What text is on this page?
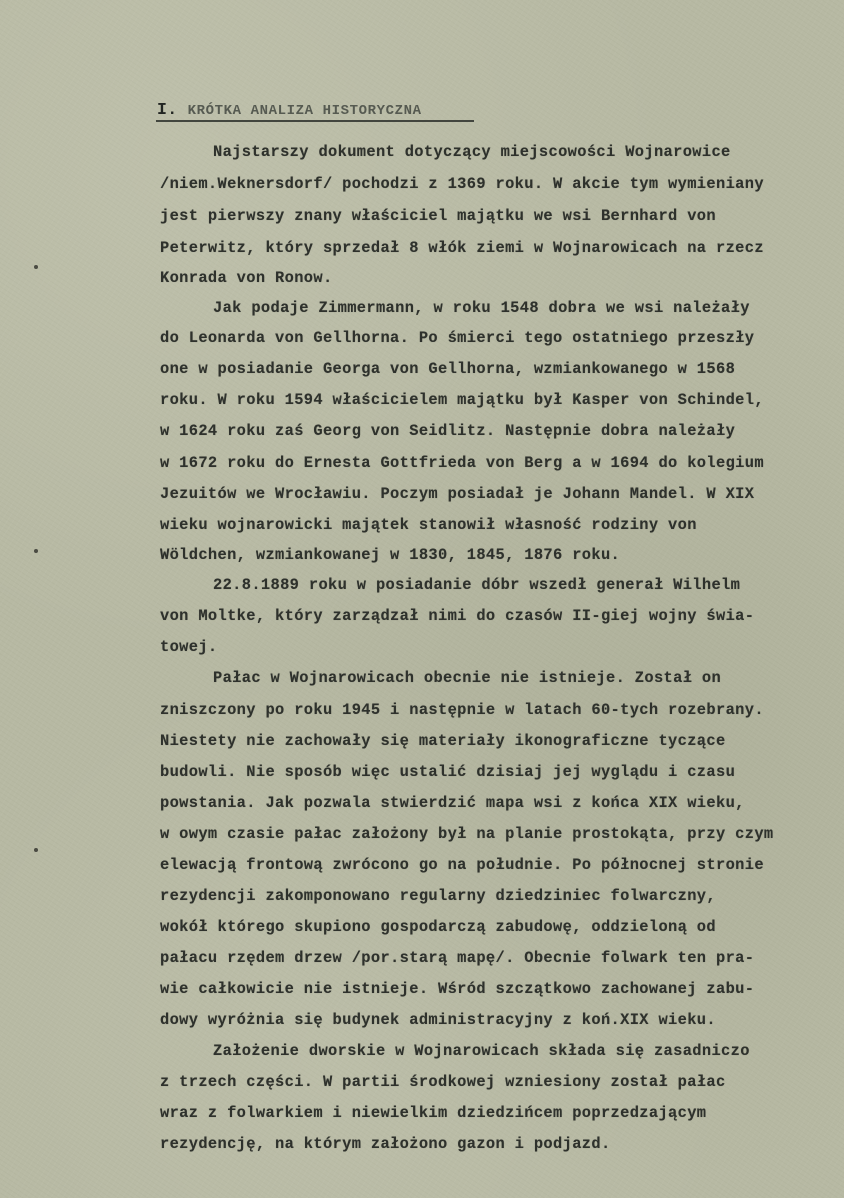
I. KRÓTKA ANALIZA HISTORYCZNA
Najstarszy dokument dotyczący miejscowości Wojnarowice
/niem.Weknersdorf/ pochodzi z 1369 roku. W akcie tym wymieniany
jest pierwszy znany właściciel majątku we wsi Bernhard von
Peterwitz, który sprzedał 8 włók ziemi w Wojnarowicach na rzecz
Konrada von Ronow.
Jak podaje Zimmermann, w roku 1548 dobra we wsi należały
do Leonarda von Gellhorna. Po śmierci tego ostatniego przeszły
one w posiadanie Georga von Gellhorna, wzmiankowanego w 1568
roku. W roku 1594 właścicielem majątku był Kasper von Schindel,
w 1624 roku zaś Georg von Seidlitz. Następnie dobra należały
w 1672 roku do Ernesta Gottfrieda von Berg a w 1694 do kolegium
Jezuitów we Wrocławiu. Poczym posiadał je Johann Mandel. W XIX
wieku wojnarowicki majątek stanowił własność rodziny von
Wöldchen, wzmiankowanej w 1830, 1845, 1876 roku.
22.8.1889 roku w posiadanie dóbr wszedł generał Wilhelm
von Moltke, który zarządzał nimi do czasów II-giej wojny świa-
towej.
Pałac w Wojnarowicach obecnie nie istnieje. Został on
zniszczony po roku 1945 i następnie w latach 60-tych rozebrany.
Niestety nie zachowały się materiały ikonograficzne tyczące
budowli. Nie sposób więc ustalić dzisiaj jej wyglądu i czasu
powstania. Jak pozwala stwierdzić mapa wsi z końca XIX wieku,
w owym czasie pałac założony był na planie prostokąta, przy czym
elewacją frontową zwrócono go na południe. Po północnej stronie
rezydencji zakomponowano regularny dziedziniec folwarczny,
wokół którego skupiono gospodarczą zabudowę, oddzieloną od
pałacu rzędem drzew /por.starą mapę/. Obecnie folwark ten pra-
wie całkowicie nie istnieje. Wśród szczątkowo zachowanej zabu-
dowy wyróżnia się budynek administracyjny z koń.XIX wieku.
Założenie dworskie w Wojnarowicach składa się zasadniczo
z trzech części. W partii środkowej wzniesiony został pałac
wraz z folwarkiem i niewielkim dziedzińcem poprzedzającym
rezydencję, na którym założono gazon i podjazd.
